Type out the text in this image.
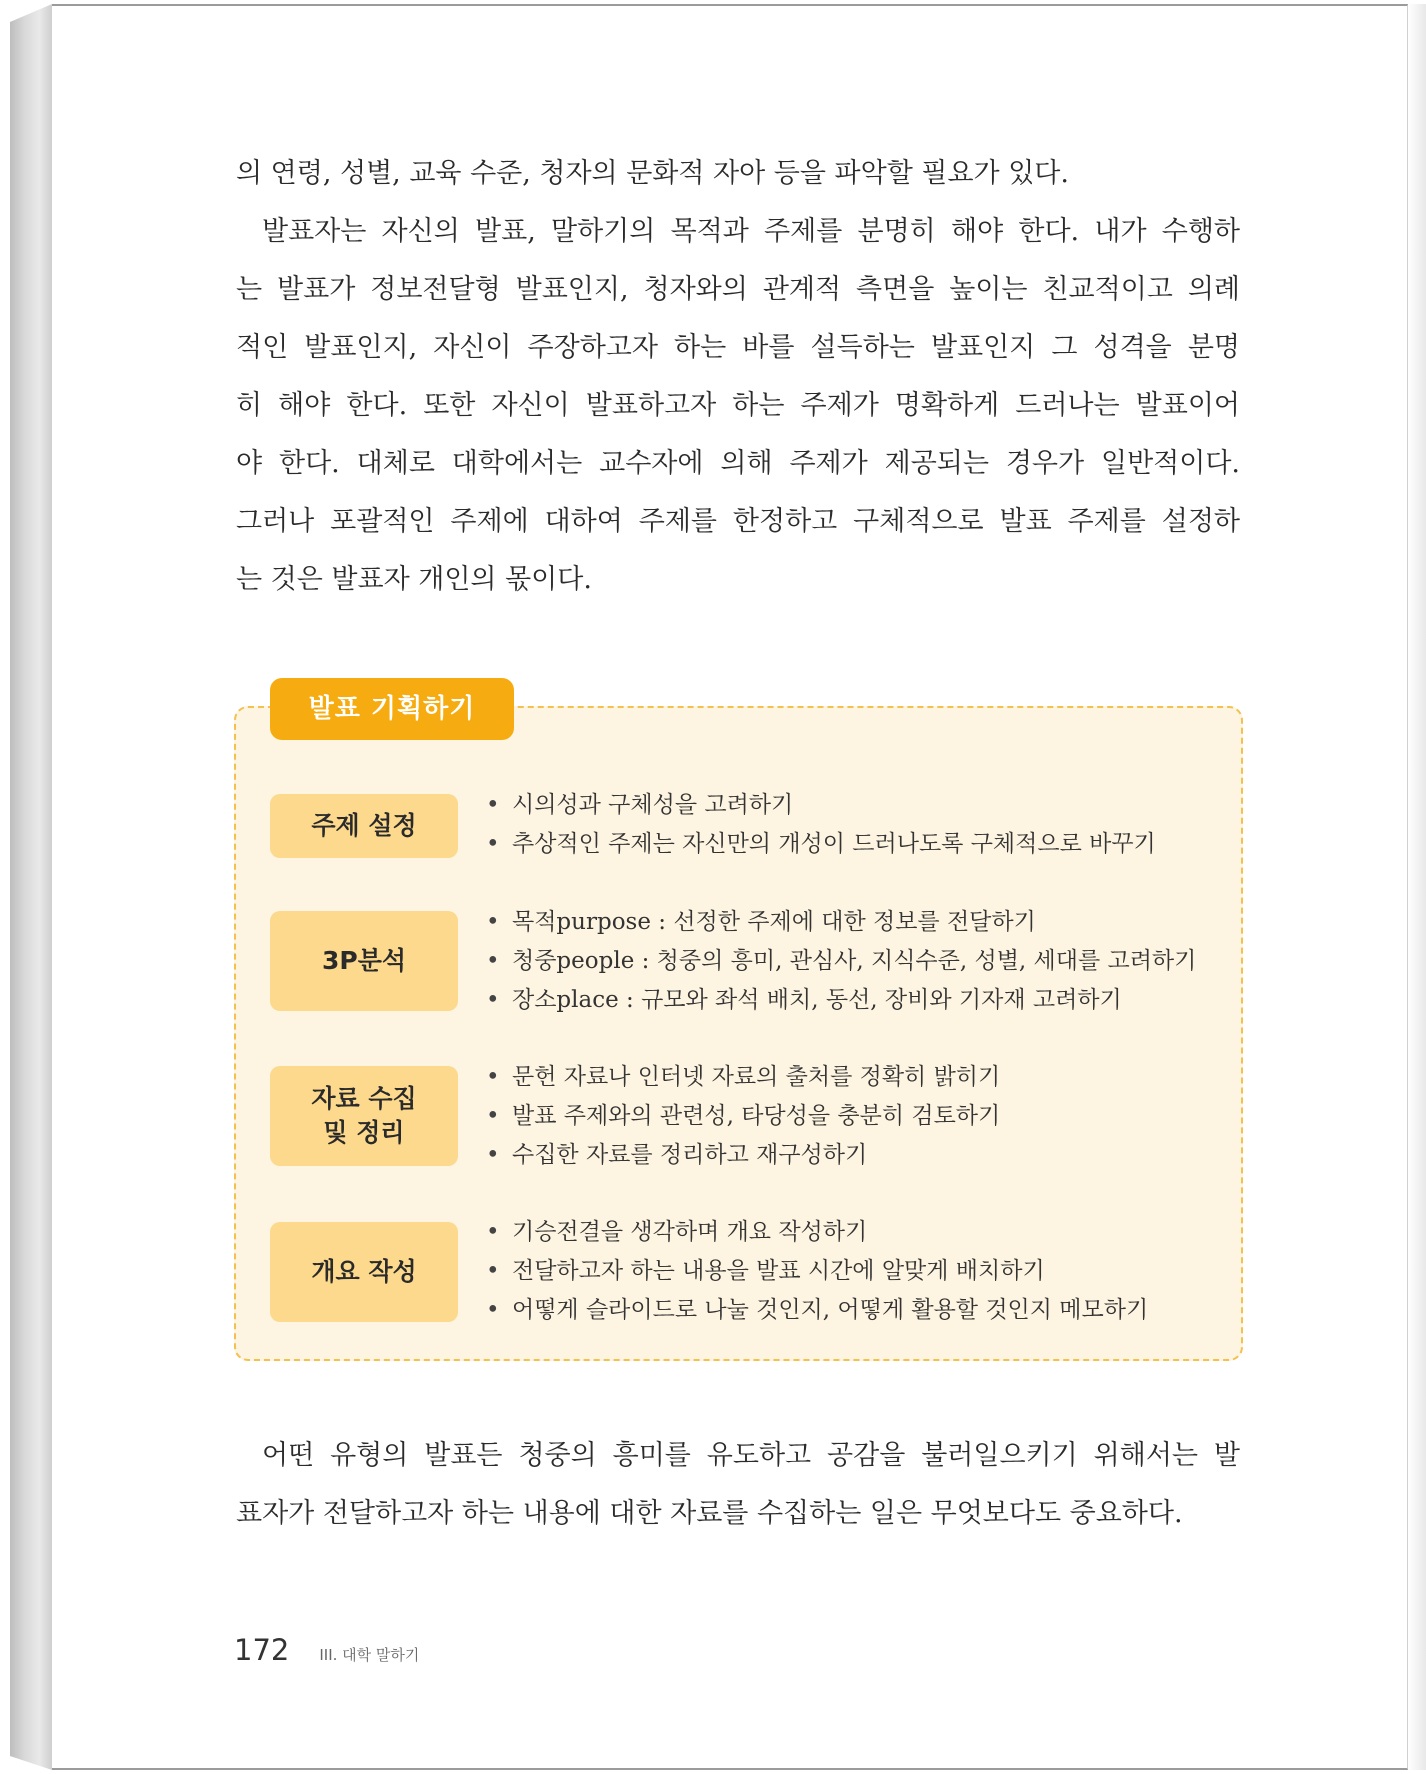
의 연령, 성별, 교육 수준, 청자의 문화적 자아 등을 파악할 필요가 있다.
발표자는 자신의 발표, 말하기의 목적과 주제를 분명히 해야 한다. 내가 수행하
는 발표가 정보전달형 발표인지, 청자와의 관계적 측면을 높이는 친교적이고 의례
적인 발표인지, 자신이 주장하고자 하는 바를 설득하는 발표인지 그 성격을 분명
히 해야 한다. 또한 자신이 발표하고자 하는 주제가 명확하게 드러나는 발표이어
야 한다. 대체로 대학에서는 교수자에 의해 주제가 제공되는 경우가 일반적이다.
그러나 포괄적인 주제에 대하여 주제를 한정하고 구체적으로 발표 주제를 설정하
는 것은 발표자 개인의 몫이다.
발표 기획하기
주제 설정
• 시의성과 구체성을 고려하기
• 추상적인 주제는 자신만의 개성이 드러나도록 구체적으로 바꾸기
3P분석
• 목적purpose : 선정한 주제에 대한 정보를 전달하기
• 청중people : 청중의 흥미, 관심사, 지식수준, 성별, 세대를 고려하기
• 장소place : 규모와 좌석 배치, 동선, 장비와 기자재 고려하기
자료 수집
및 정리
• 문헌 자료나 인터넷 자료의 출처를 정확히 밝히기
• 발표 주제와의 관련성, 타당성을 충분히 검토하기
• 수집한 자료를 정리하고 재구성하기
개요 작성
• 기승전결을 생각하며 개요 작성하기
• 전달하고자 하는 내용을 발표 시간에 알맞게 배치하기
• 어떻게 슬라이드로 나눌 것인지, 어떻게 활용할 것인지 메모하기
어떤 유형의 발표든 청중의 흥미를 유도하고 공감을 불러일으키기 위해서는 발
표자가 전달하고자 하는 내용에 대한 자료를 수집하는 일은 무엇보다도 중요하다.
172 III. 대학 말하기
